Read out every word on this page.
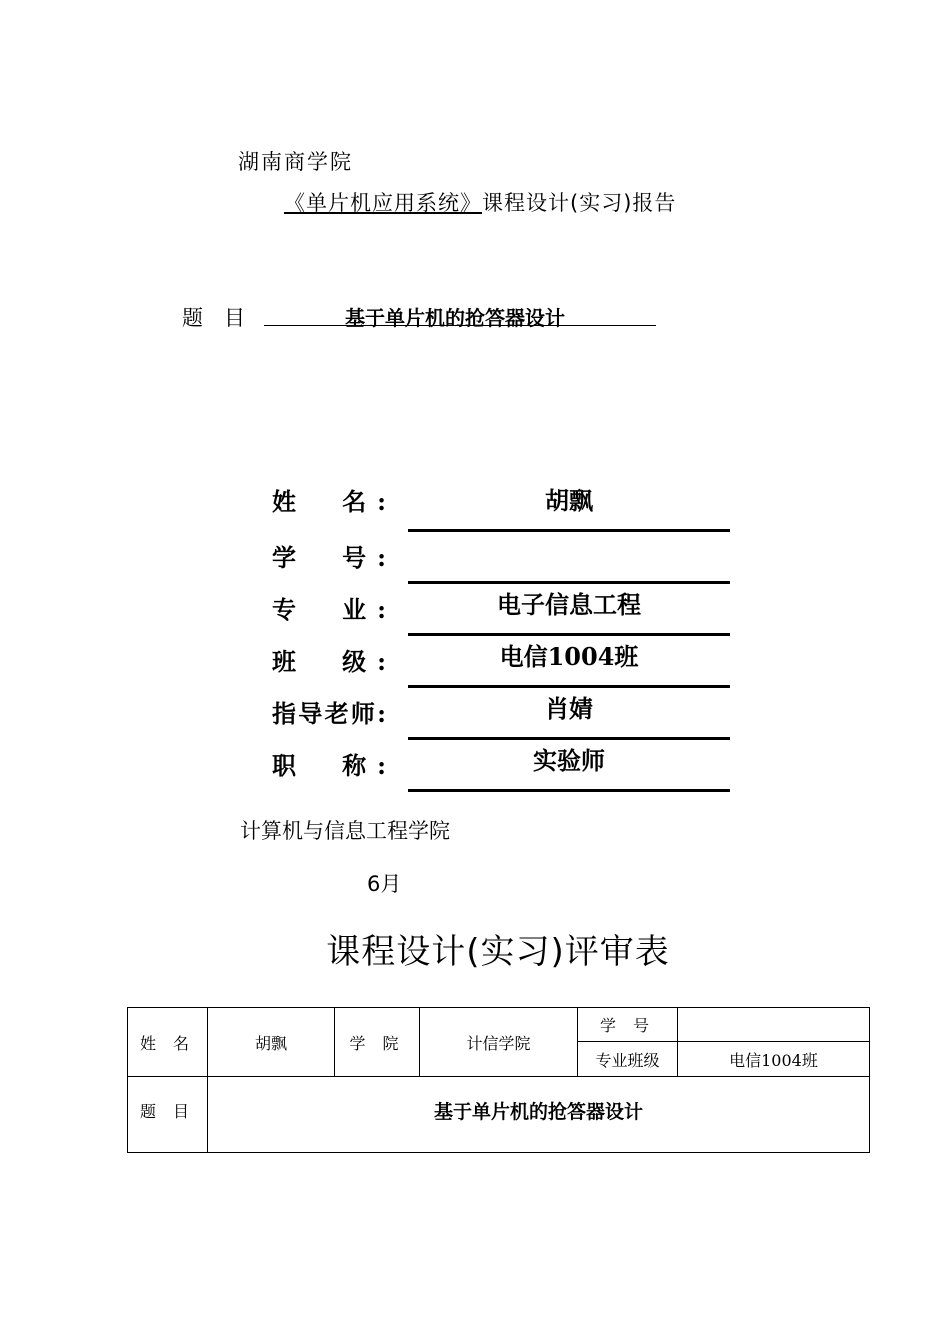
湖南商学院
《单片机应用系统》课程设计(实习)报告
题　目	基于单片机的抢答器设计
姓　名:	胡飘
学　号:
专　业:	电子信息工程
班　级:	电信1004班
指导老师:	肖婧
职　称:	实验师
计算机与信息工程学院
6月
课程设计(实习)评审表
姓 名	胡飘	学 院	计信学院	学 号	
				专业班级	电信1004班
题 目	基于单片机的抢答器设计				
